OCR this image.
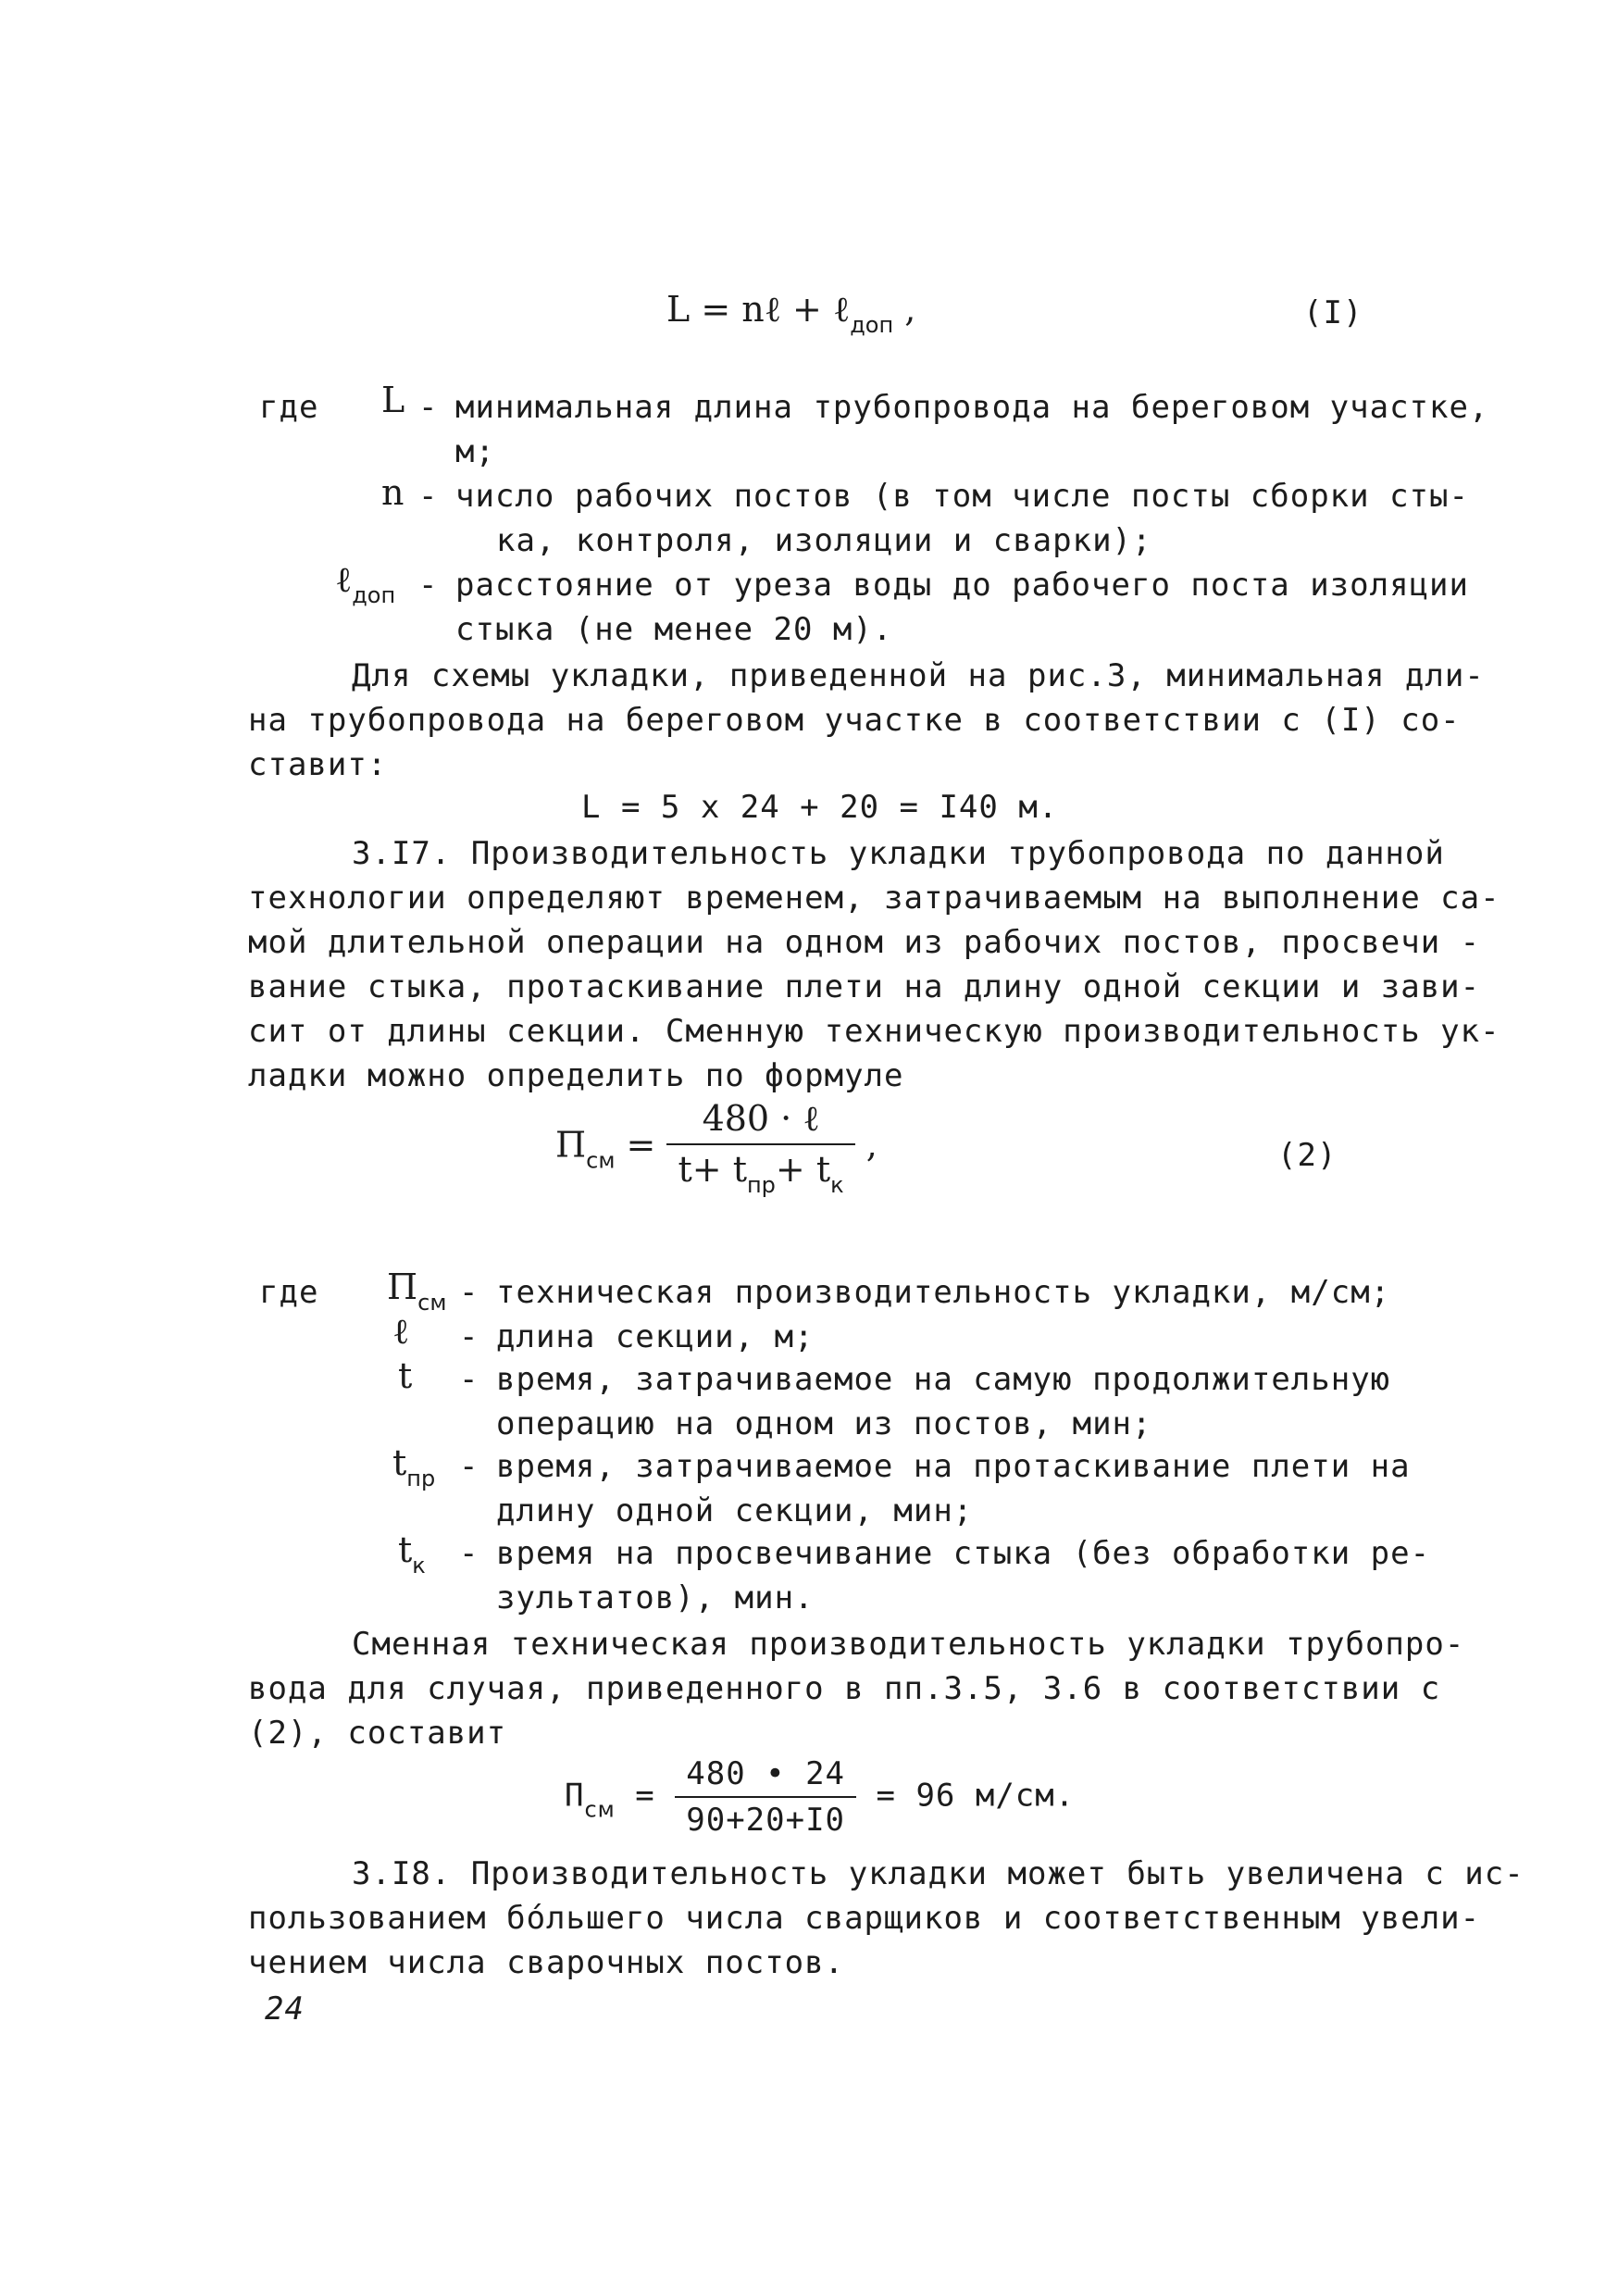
L = nℓ + ℓ$_{доп}$ ,	(I)
где L - минимальная длина трубопровода на береговом участке,
м;
n - число рабочих постов (в том числе посты сборки сты-
ка, контроля, изоляции и сварки);
ℓ$_{доп}$ - расстояние от уреза воды до рабочего поста изоляции
стыка (не менее 20 м).
Для схемы укладки, приведенной на рис.3, минимальная дли-
на трубопровода на береговом участке в соответствии с (I) со-
ставит:
L = 5 x 24 + 20 = I40 м.
3.I7. Производительность укладки трубопровода по данной
технологии определяют временем, затрачиваемым на выполнение са-
мой длительной операции на одном из рабочих постов, просвечи -
вание стыка, протаскивание плети на длину одной секции и зави-
сит от длины секции. Сменную техническую производительность ук-
ладки можно определить по формуле
$П_{см} = \frac{\text{480 · ℓ}}{t+ t_{пр}+ t_к}$ ,	(2)
где $П_{см}$ - техническая производительность укладки, м/см;
ℓ - длина секции, м;
t - время, затрачиваемое на самую продолжительную
операцию на одном из постов, мин;
$t_{пр}$ - время, затрачиваемое на протаскивание плети на
длину одной секции, мин;
$t_к$ - время на просвечивание стыка (без обработки ре-
зультатов), мин.
Сменная техническая производительность укладки трубопро-
вода для случая, приведенного в пп.3.5, 3.6 в соответствии с
(2), составит
$П_{см} = \frac{480 • 24}{90+20+I0} = 96$ м/см.
3.I8. Производительность укладки может быть увеличена с ис-
пользованием бóльшего числа сварщиков и соответственным увели-
чением числа сварочных постов.
24
